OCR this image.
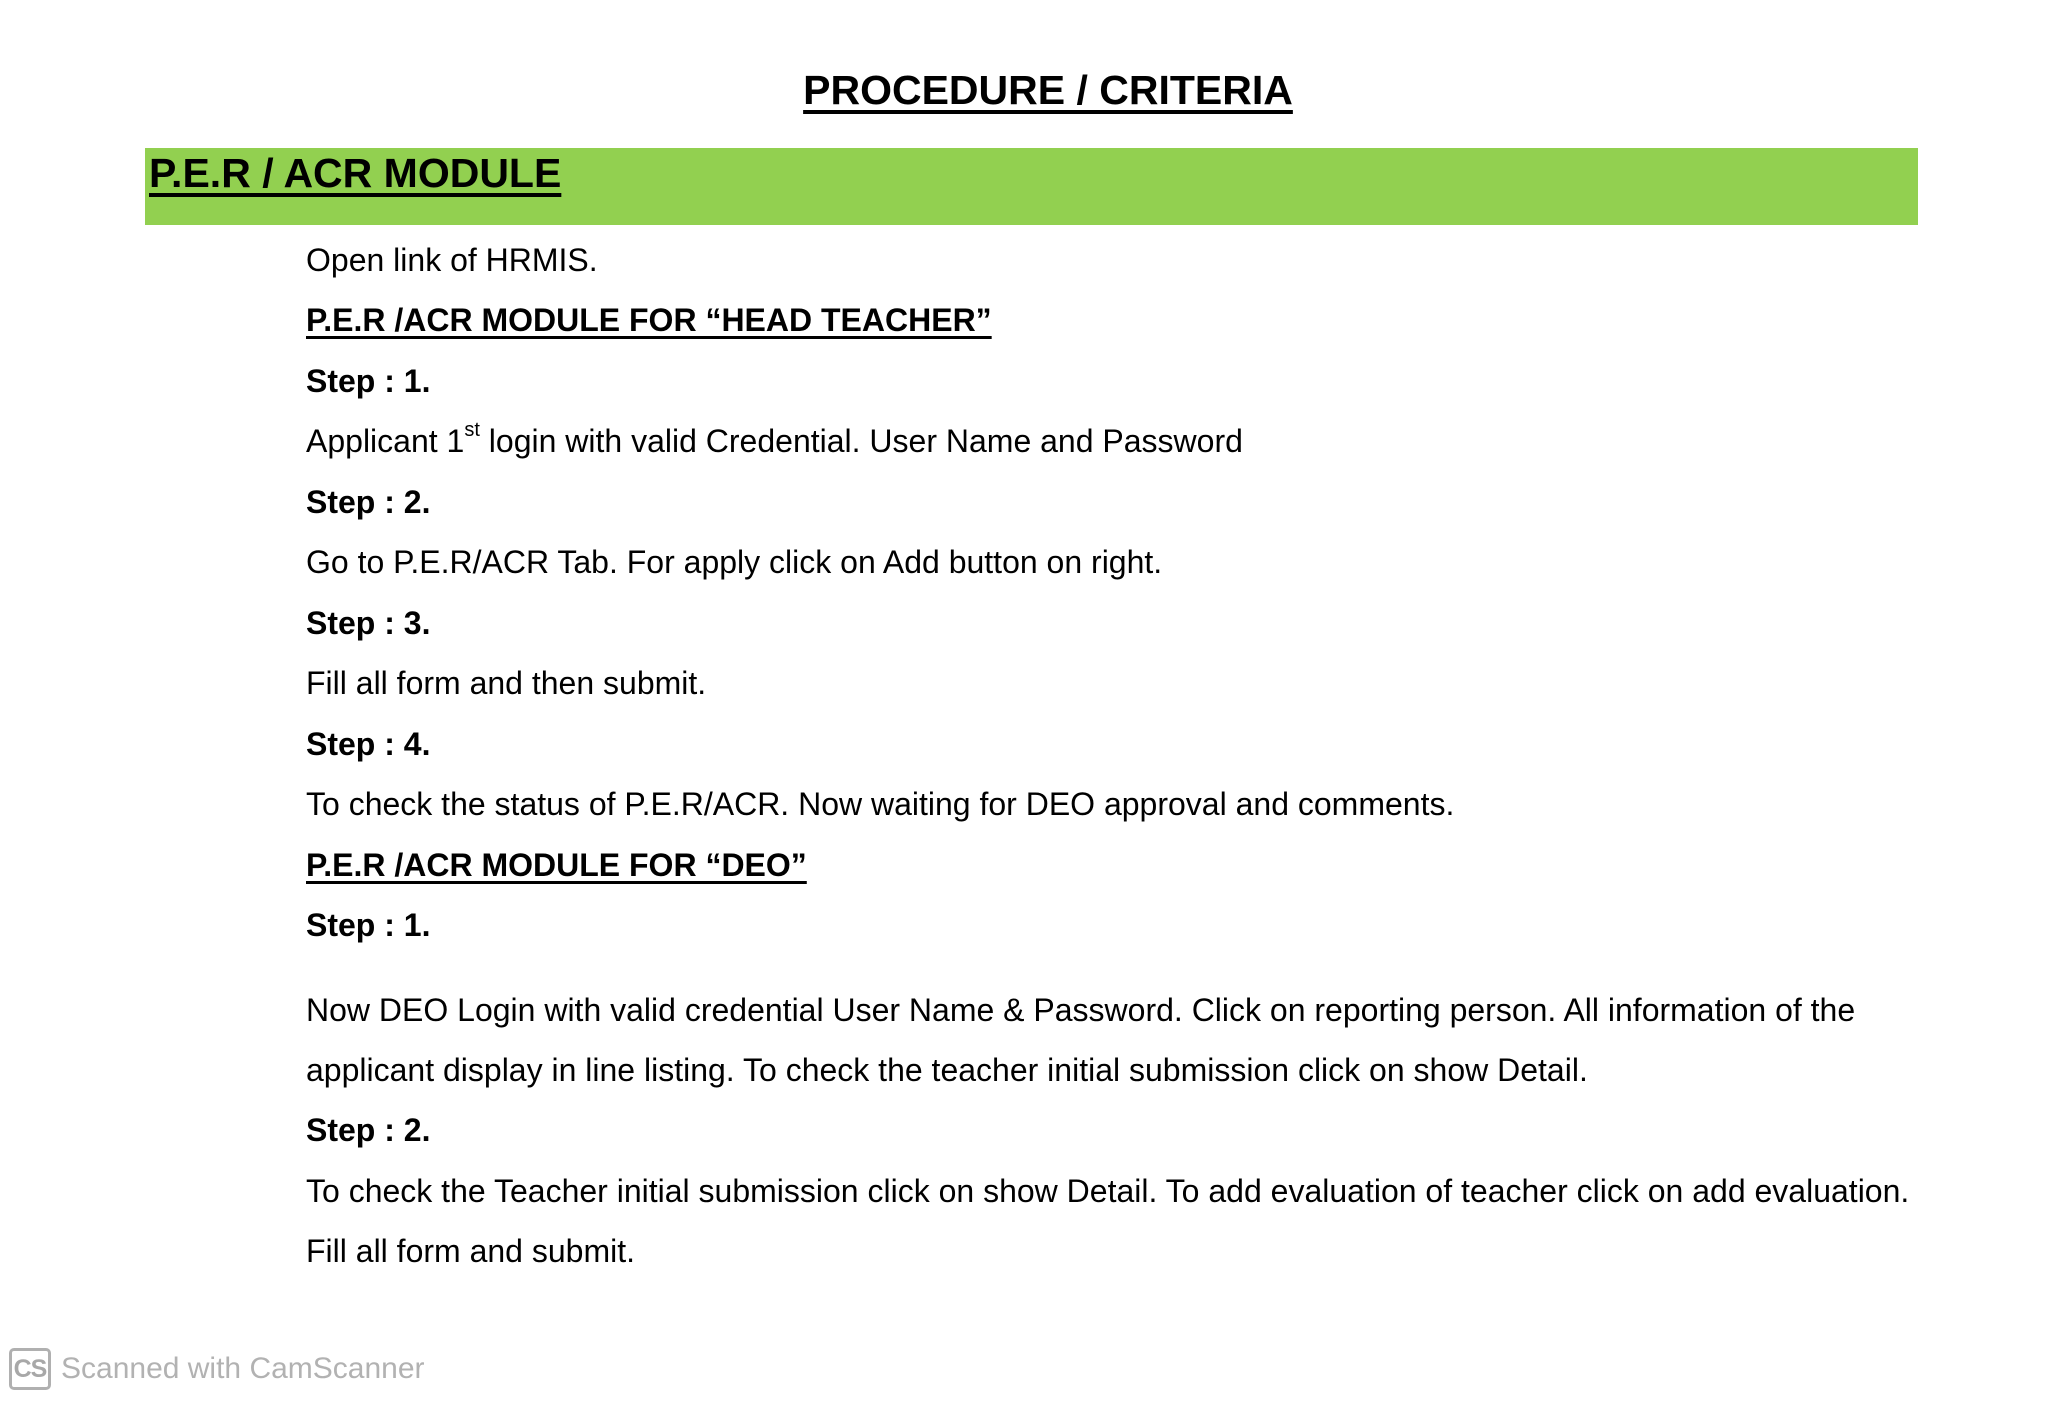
PROCEDURE / CRITERIA
P.E.R / ACR MODULE

Open link of HRMIS.

P.E.R /ACR MODULE FOR “HEAD TEACHER”

Step : 1.

Applicant 1st login with valid Credential. User Name and Password

Step : 2.

Go to P.E.R/ACR Tab. For apply click on Add button on right.

Step : 3.

Fill all form and then submit.

Step : 4.

To check the status of P.E.R/ACR. Now waiting for DEO approval and comments.

P.E.R /ACR MODULE FOR “DEO”

Step : 1.

Now DEO Login with valid credential User Name & Password. Click on reporting person. All information of the applicant display in line listing. To check the teacher initial submission click on show Detail.

Step : 2.

To check the Teacher initial submission click on show Detail. To add evaluation of teacher click on add evaluation. Fill all form and submit.

CS Scanned with CamScanner
